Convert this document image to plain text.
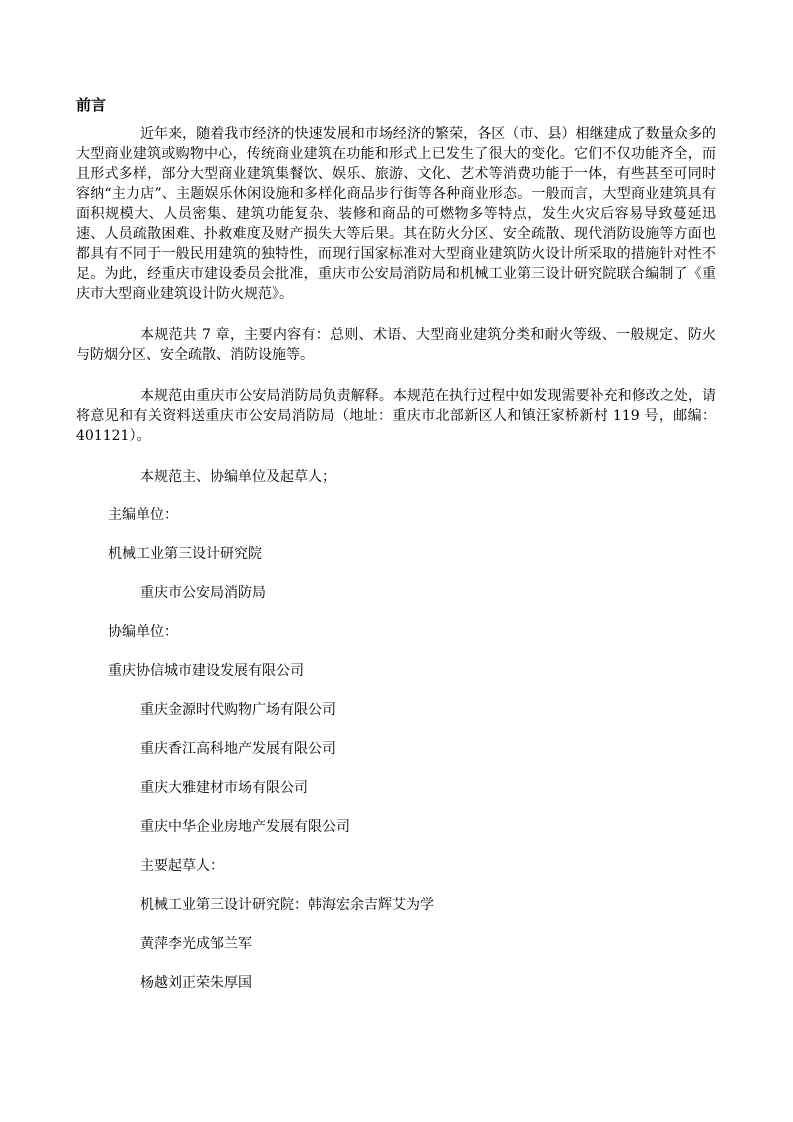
前言

近年来，随着我市经济的快速发展和市场经济的繁荣，各区（市、县）相继建成了数量众多的大型商业建筑或购物中心，传统商业建筑在功能和形式上已发生了很大的变化。它们不仅功能齐全，而且形式多样，部分大型商业建筑集餐饮、娱乐、旅游、文化、艺术等消费功能于一体，有些甚至可同时容纳“主力店”、主题娱乐休闲设施和多样化商品步行街等各种商业形态。一般而言，大型商业建筑具有面积规模大、人员密集、建筑功能复杂、装修和商品的可燃物多等特点，发生火灾后容易导致蔓延迅速、人员疏散困难、扑救难度及财产损失大等后果。其在防火分区、安全疏散、现代消防设施等方面也都具有不同于一般民用建筑的独特性，而现行国家标准对大型商业建筑防火设计所采取的措施针对性不足。为此，经重庆市建设委员会批准，重庆市公安局消防局和机械工业第三设计研究院联合编制了《重庆市大型商业建筑设计防火规范》。

本规范共 7 章，主要内容有：总则、术语、大型商业建筑分类和耐火等级、一般规定、防火与防烟分区、安全疏散、消防设施等。

本规范由重庆市公安局消防局负责解释。本规范在执行过程中如发现需要补充和修改之处，请将意见和有关资料送重庆市公安局消防局（地址：重庆市北部新区人和镇汪家桥新村 119 号，邮编：401121）。

本规范主、协编单位及起草人；

主编单位：

机械工业第三设计研究院

重庆市公安局消防局

协编单位：

重庆协信城市建设发展有限公司

重庆金源时代购物广场有限公司

重庆香江高科地产发展有限公司

重庆大雅建材市场有限公司

重庆中华企业房地产发展有限公司

主要起草人：

机械工业第三设计研究院：韩海宏余吉辉艾为学

黄萍李光成邹兰军

杨越刘正荣朱厚国
